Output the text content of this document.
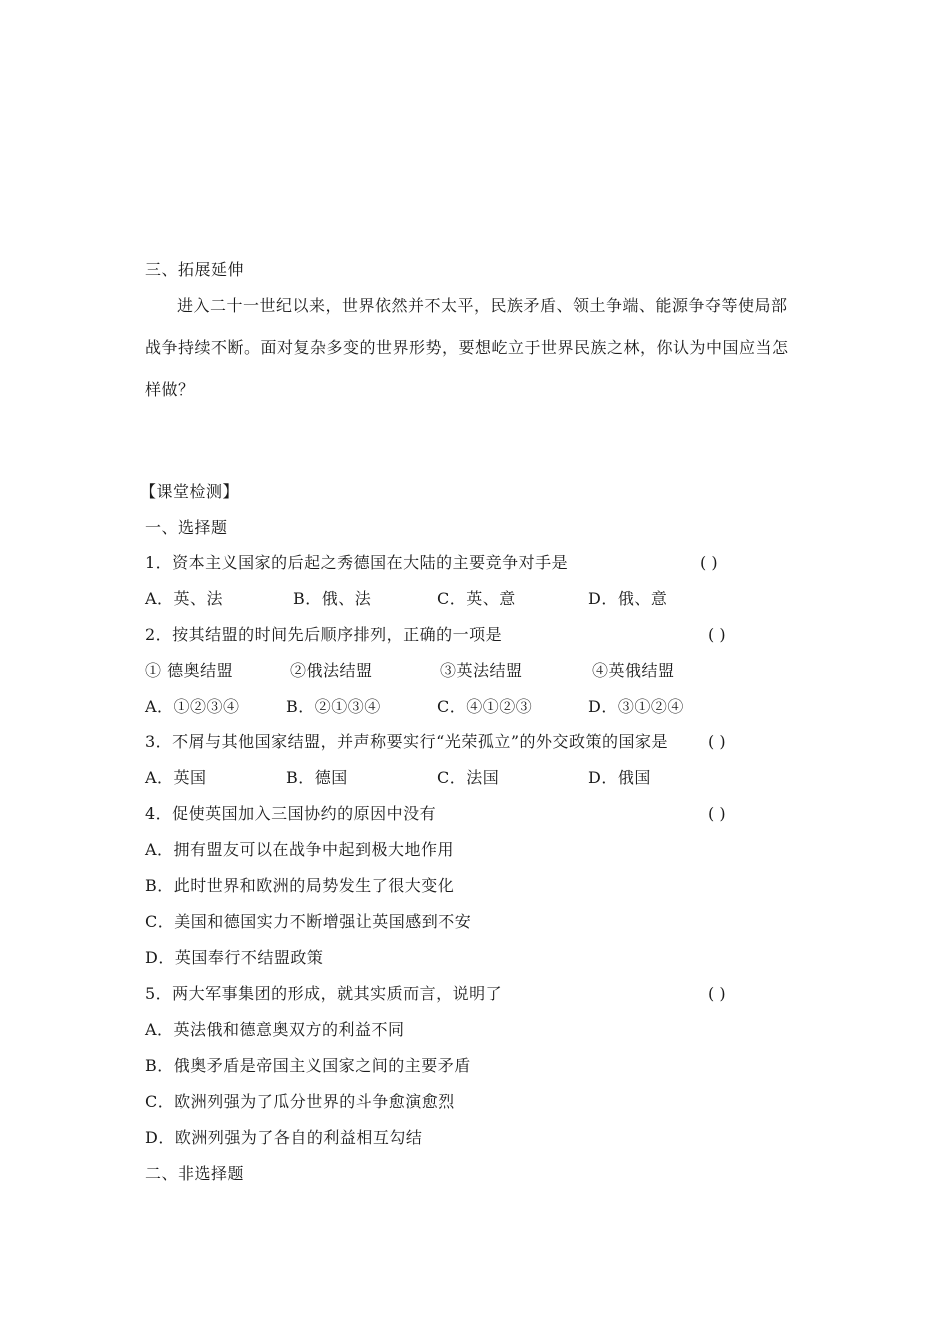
三、拓展延伸
进入二十一世纪以来，世界依然并不太平，民族矛盾、领土争端、能源争夺等使局部
战争持续不断。面对复杂多变的世界形势，要想屹立于世界民族之林，你认为中国应当怎
样做？
【课堂检测】
一、选择题
1．资本主义国家的后起之秀德国在大陆的主要竞争对手是	( )
A．英、法	B．俄、法	C．英、意	D．俄、意
2．按其结盟的时间先后顺序排列，正确的一项是	( )
① 德奥结盟	②俄法结盟	③英法结盟	④英俄结盟
A．①②③④	B．②①③④	C．④①②③	D．③①②④
3．不屑与其他国家结盟，并声称要实行“光荣孤立”的外交政策的国家是 ( )
A．英国	B．德国	C．法国	D．俄国
4．促使英国加入三国协约的原因中没有	( )
A．拥有盟友可以在战争中起到极大地作用
B．此时世界和欧洲的局势发生了很大变化
C．美国和德国实力不断增强让英国感到不安
D．英国奉行不结盟政策
5．两大军事集团的形成，就其实质而言，说明了	( )
A．英法俄和德意奥双方的利益不同
B．俄奥矛盾是帝国主义国家之间的主要矛盾
C．欧洲列强为了瓜分世界的斗争愈演愈烈
D．欧洲列强为了各自的利益相互勾结
二、非选择题
